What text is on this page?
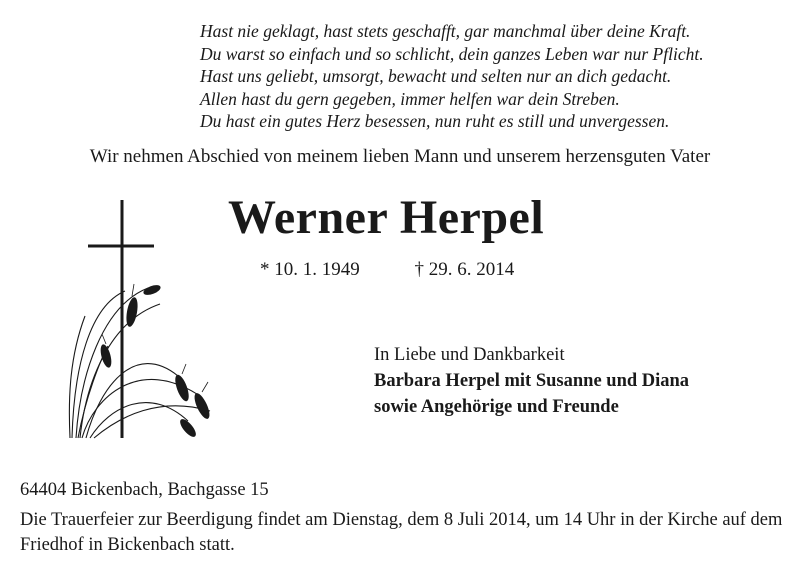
Hast nie geklagt, hast stets geschafft, gar manchmal über deine Kraft.
Du warst so einfach und so schlicht, dein ganzes Leben war nur Pflicht.
Hast uns geliebt, umsorgt, bewacht und selten nur an dich gedacht.
Allen hast du gern gegeben, immer helfen war dein Streben.
Du hast ein gutes Herz besessen, nun ruht es still und unvergessen.
Wir nehmen Abschied von meinem lieben Mann und unserem herzensguten Vater
Werner Herpel
* 10. 1. 1949	† 29. 6. 2014
In Liebe und Dankbarkeit
Barbara Herpel mit Susanne und Diana
sowie Angehörige und Freunde
64404 Bickenbach, Bachgasse 15
Die Trauerfeier zur Beerdigung findet am Dienstag, dem 8 Juli 2014, um 14 Uhr in der Kirche auf dem Friedhof in Bickenbach statt.
